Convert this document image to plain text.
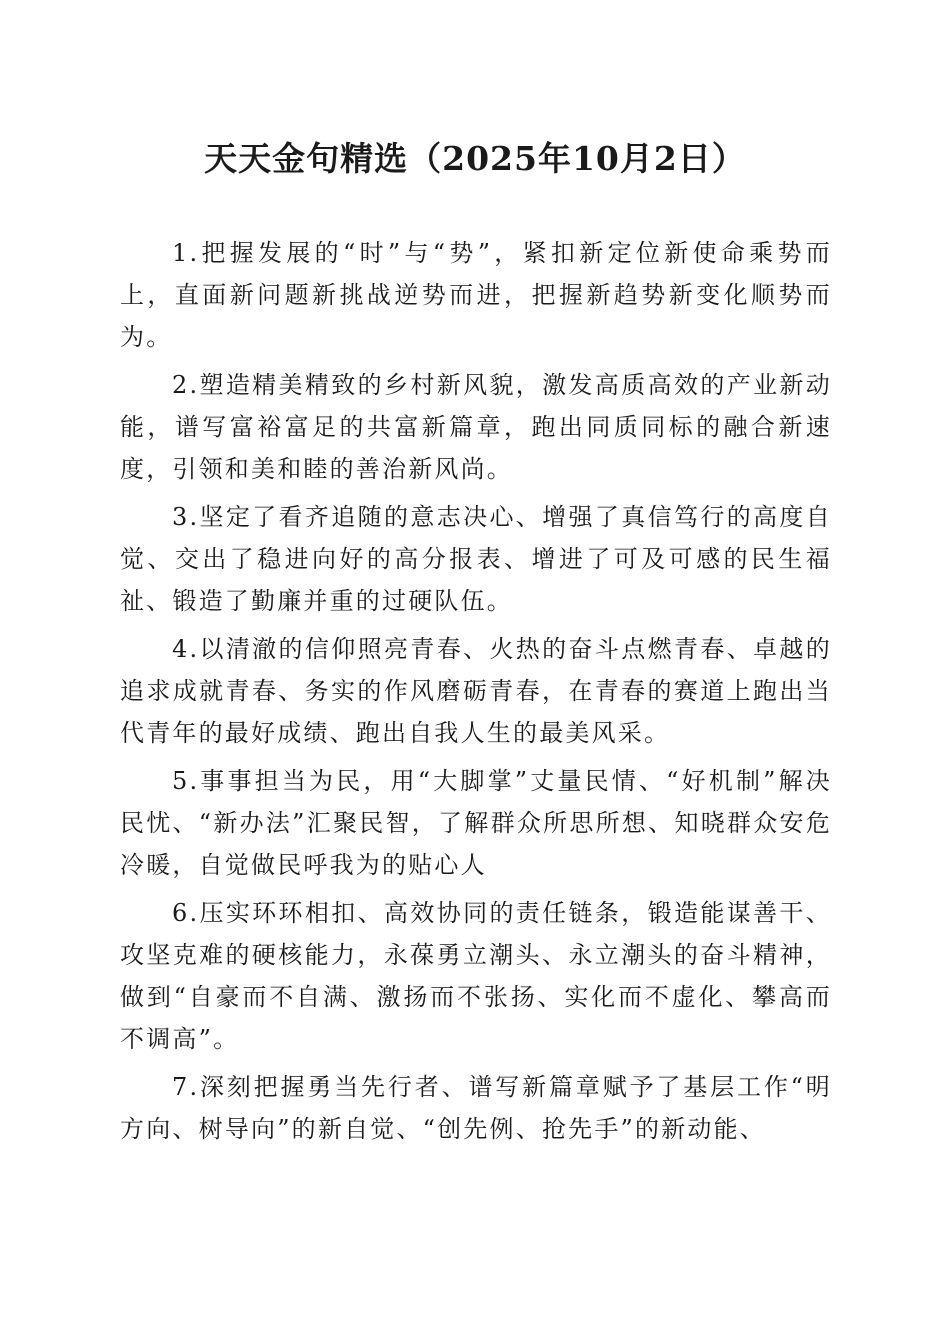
天天金句精选（2025年10月2日）

1.把握发展的“时”与“势”，紧扣新定位新使命乘势而上，直面新问题新挑战逆势而进，把握新趋势新变化顺势而为。

2.塑造精美精致的乡村新风貌，激发高质高效的产业新动能，谱写富裕富足的共富新篇章，跑出同质同标的融合新速度，引领和美和睦的善治新风尚。

3.坚定了看齐追随的意志决心、增强了真信笃行的高度自觉、交出了稳进向好的高分报表、增进了可及可感的民生福祉、锻造了勤廉并重的过硬队伍。

4.以清澈的信仰照亮青春、火热的奋斗点燃青春、卓越的追求成就青春、务实的作风磨砺青春，在青春的赛道上跑出当代青年的最好成绩、跑出自我人生的最美风采。

5.事事担当为民，用“大脚掌”丈量民情、“好机制”解决民忧、“新办法”汇聚民智，了解群众所思所想、知晓群众安危冷暖，自觉做民呼我为的贴心人

6.压实环环相扣、高效协同的责任链条，锻造能谋善干、攻坚克难的硬核能力，永葆勇立潮头、永立潮头的奋斗精神，做到“自豪而不自满、激扬而不张扬、实化而不虚化、攀高而不调高”。

7.深刻把握勇当先行者、谱写新篇章赋予了基层工作“明方向、树导向”的新自觉、“创先例、抢先手”的新动能、
